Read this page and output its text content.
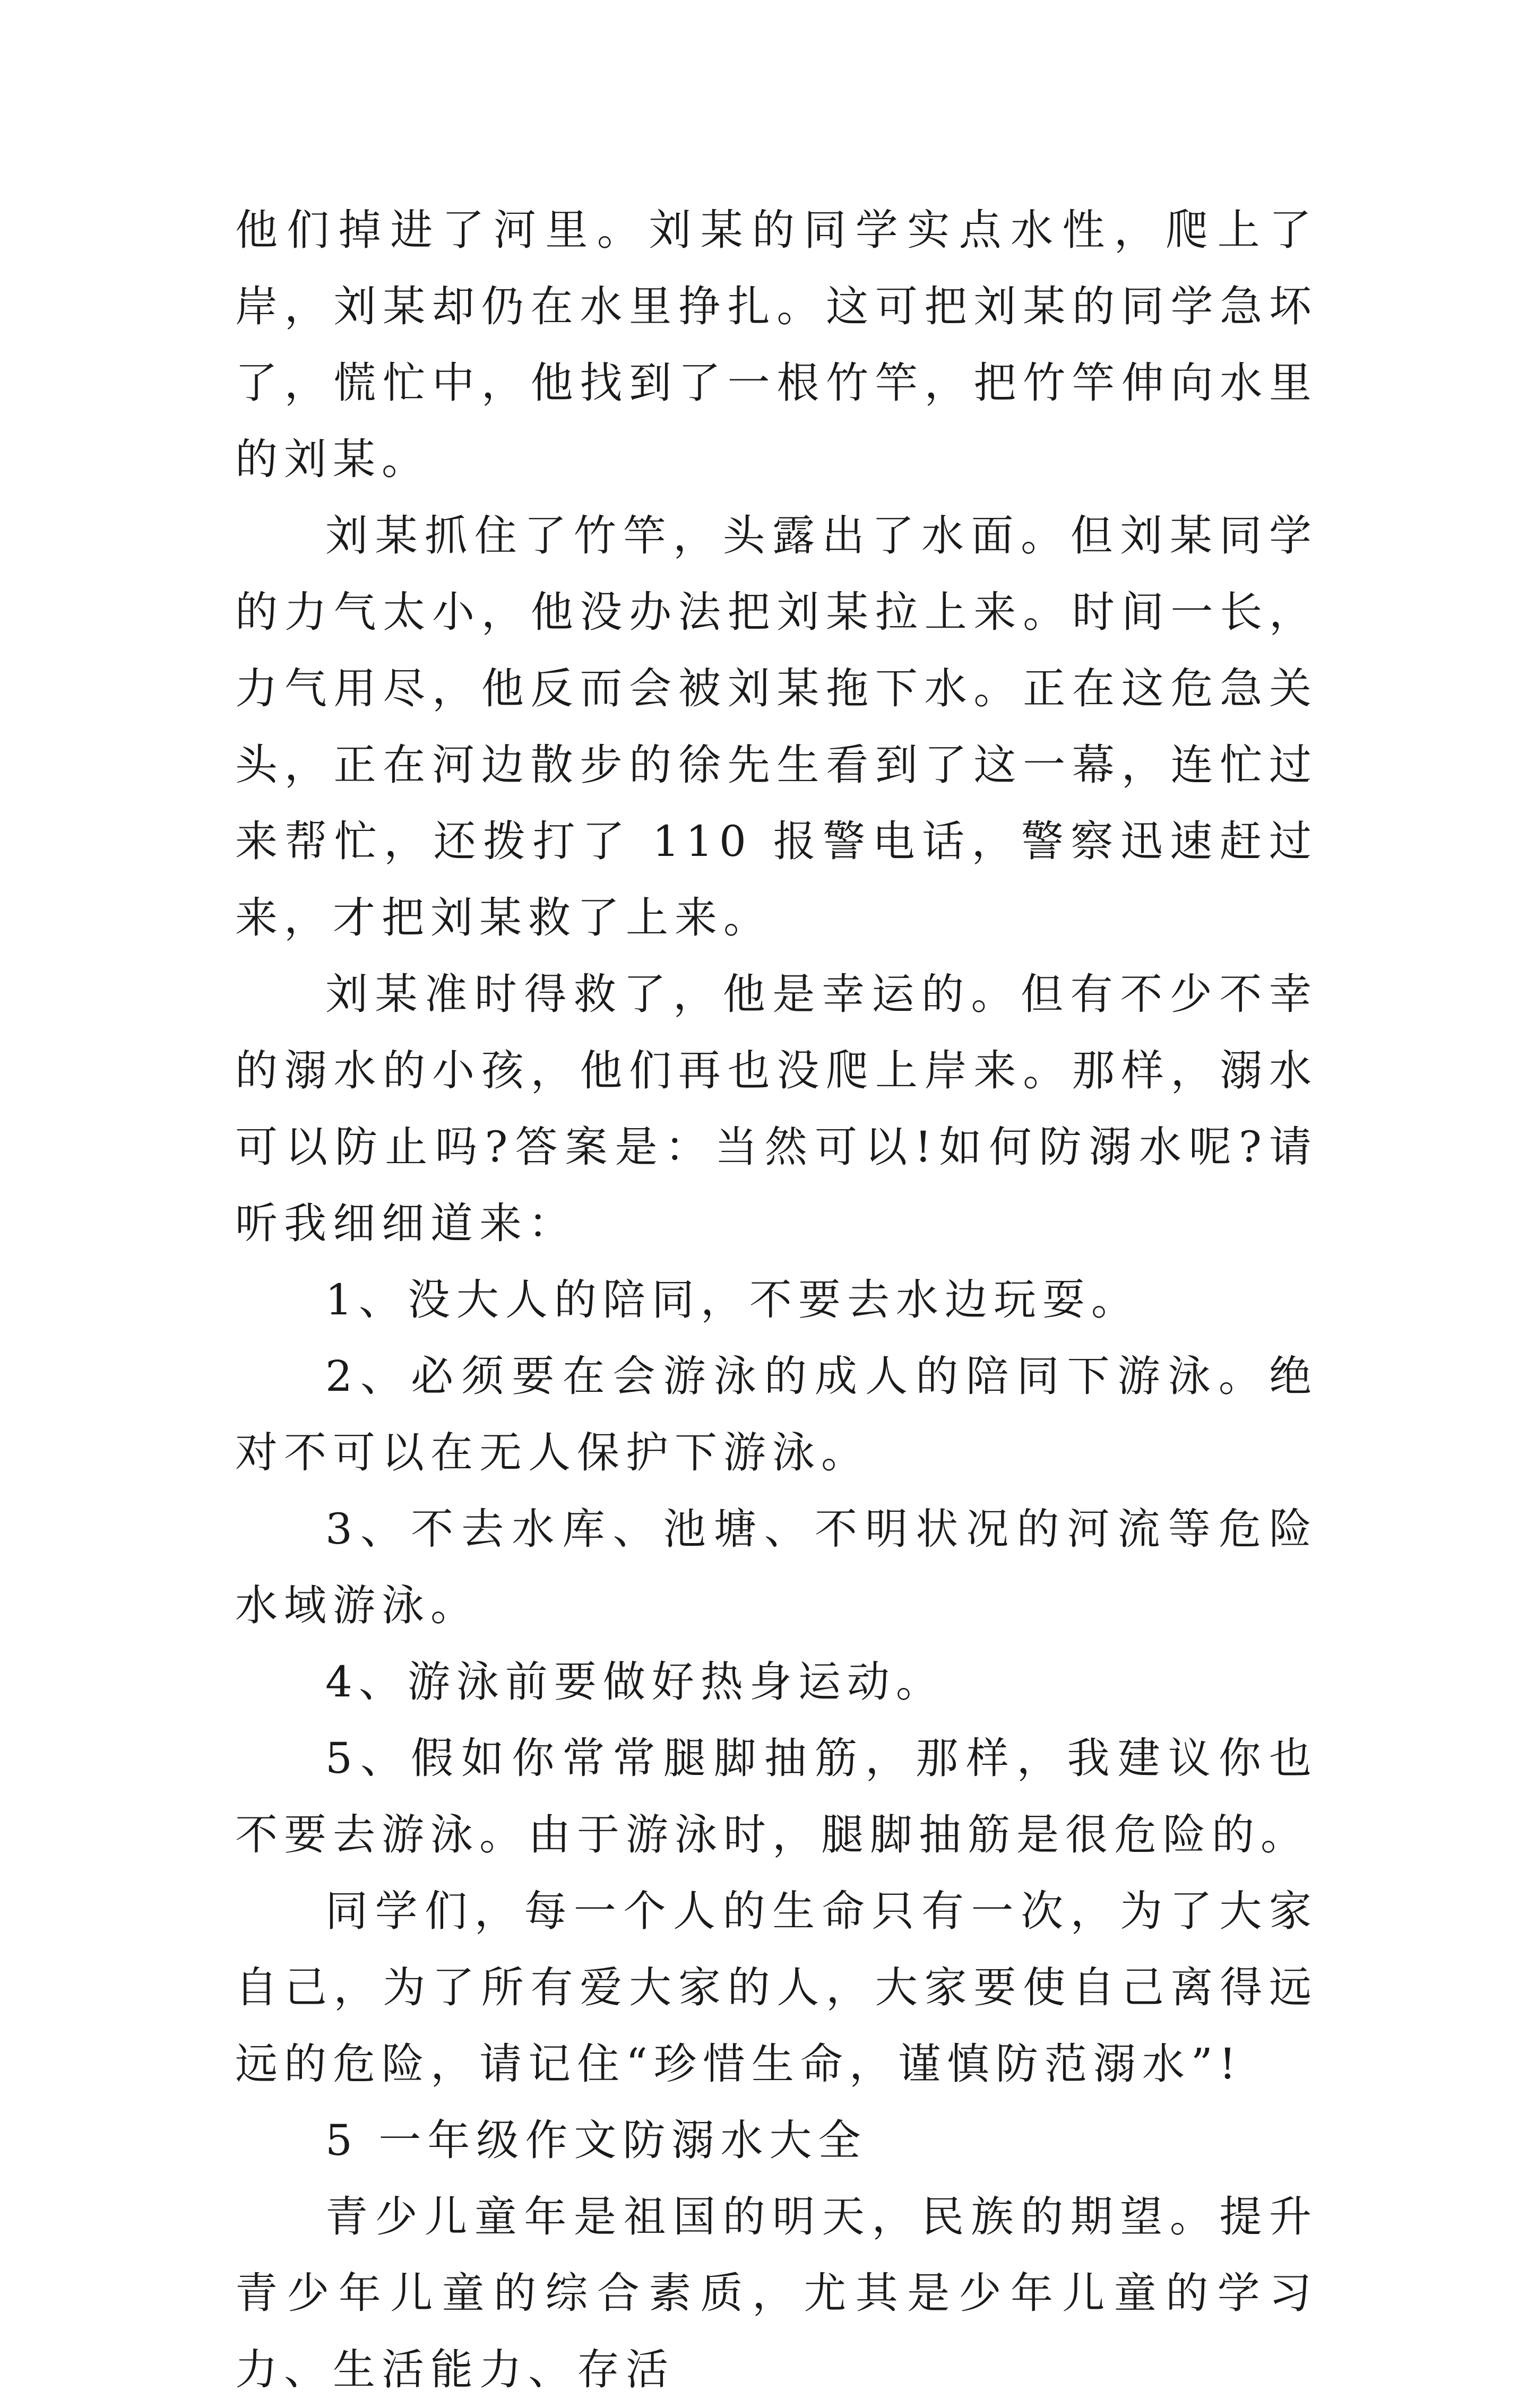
他们掉进了河里。刘某的同学实点水性，爬上了岸，刘某却仍在水里挣扎。这可把刘某的同学急坏了，慌忙中，他找到了一根竹竿，把竹竿伸向水里的刘某。

刘某抓住了竹竿，头露出了水面。但刘某同学的力气太小，他没办法把刘某拉上来。时间一长，力气用尽，他反而会被刘某拖下水。正在这危急关头，正在河边散步的徐先生看到了这一幕，连忙过来帮忙，还拨打了 110 报警电话，警察迅速赶过来，才把刘某救了上来。

刘某准时得救了，他是幸运的。但有不少不幸的溺水的小孩，他们再也没爬上岸来。那样，溺水可以防止吗?答案是：当然可以!如何防溺水呢?请听我细细道来：

1、没大人的陪同，不要去水边玩耍。

2、必须要在会游泳的成人的陪同下游泳。绝对不可以在无人保护下游泳。

3、不去水库、池塘、不明状况的河流等危险水域游泳。

4、游泳前要做好热身运动。

5、假如你常常腿脚抽筋，那样，我建议你也不要去游泳。由于游泳时，腿脚抽筋是很危险的。

同学们，每一个人的生命只有一次，为了大家自己，为了所有爱大家的人，大家要使自己离得远远的危险，请记住“珍惜生命，谨慎防范溺水”!

5 一年级作文防溺水大全

青少儿童年是祖国的明天，民族的期望。提升青少年儿童的综合素质，尤其是少年儿童的学习力、生活能力、存活
